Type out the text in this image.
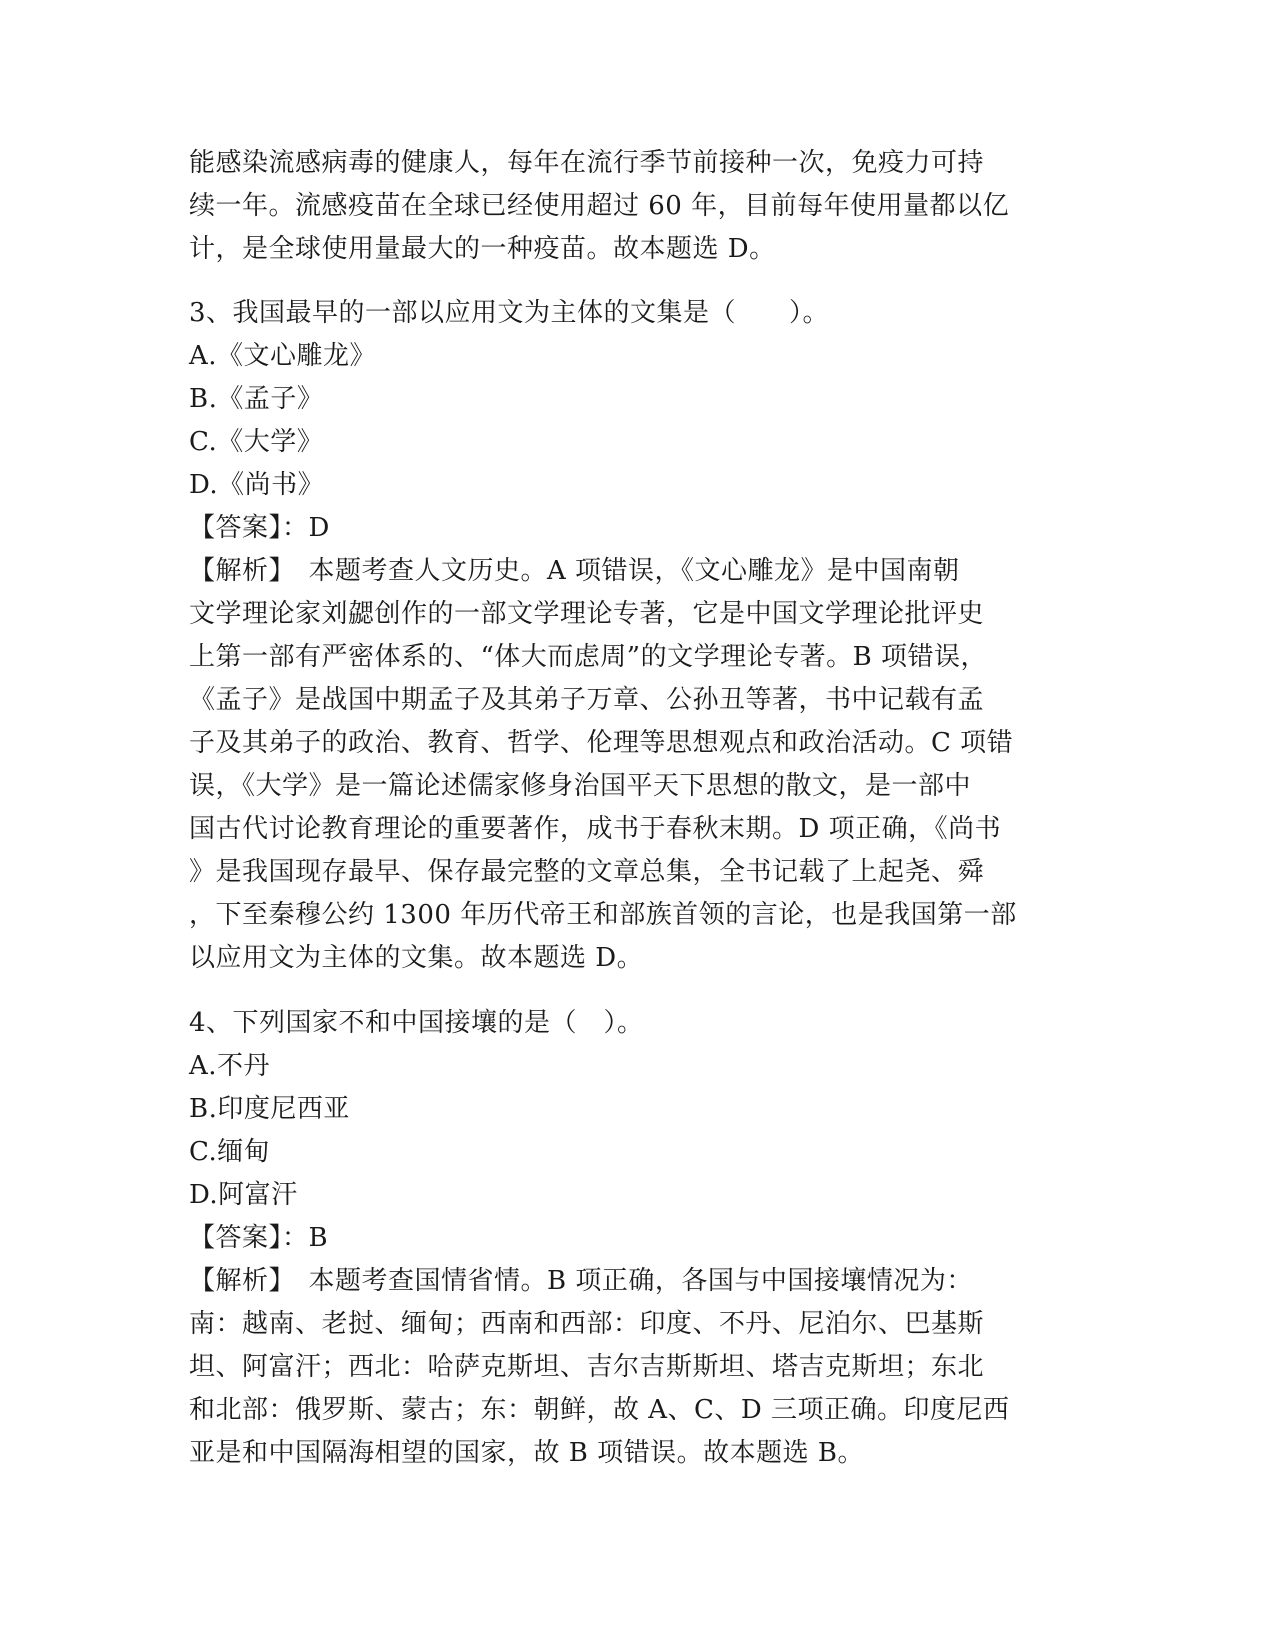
能感染流感病毒的健康人，每年在流行季节前接种一次，免疫力可持
续一年。流感疫苗在全球已经使用超过 60 年，目前每年使用量都以亿
计，是全球使用量最大的一种疫苗。故本题选 D。
3、我国最早的一部以应用文为主体的文集是（　　）。
A.《文心雕龙》
B.《孟子》
C.《大学》
D.《尚书》
【答案】：D
【解析】　本题考查人文历史。A 项错误，《文心雕龙》是中国南朝
文学理论家刘勰创作的一部文学理论专著，它是中国文学理论批评史
上第一部有严密体系的、“体大而虑周”的文学理论专著。B 项错误，
《孟子》是战国中期孟子及其弟子万章、公孙丑等著，书中记载有孟
子及其弟子的政治、教育、哲学、伦理等思想观点和政治活动。C 项错
误，《大学》是一篇论述儒家修身治国平天下思想的散文，是一部中
国古代讨论教育理论的重要著作，成书于春秋末期。D 项正确，《尚书
》是我国现存最早、保存最完整的文章总集，全书记载了上起尧、舜
，下至秦穆公约 1300 年历代帝王和部族首领的言论，也是我国第一部
以应用文为主体的文集。故本题选 D。
4、下列国家不和中国接壤的是（　）。
A.不丹
B.印度尼西亚
C.缅甸
D.阿富汗
【答案】：B
【解析】　本题考查国情省情。B 项正确，各国与中国接壤情况为：
南：越南、老挝、缅甸；西南和西部：印度、不丹、尼泊尔、巴基斯
坦、阿富汗；西北：哈萨克斯坦、吉尔吉斯斯坦、塔吉克斯坦；东北
和北部：俄罗斯、蒙古；东：朝鲜，故 A、C、D 三项正确。印度尼西
亚是和中国隔海相望的国家，故 B 项错误。故本题选 B。
